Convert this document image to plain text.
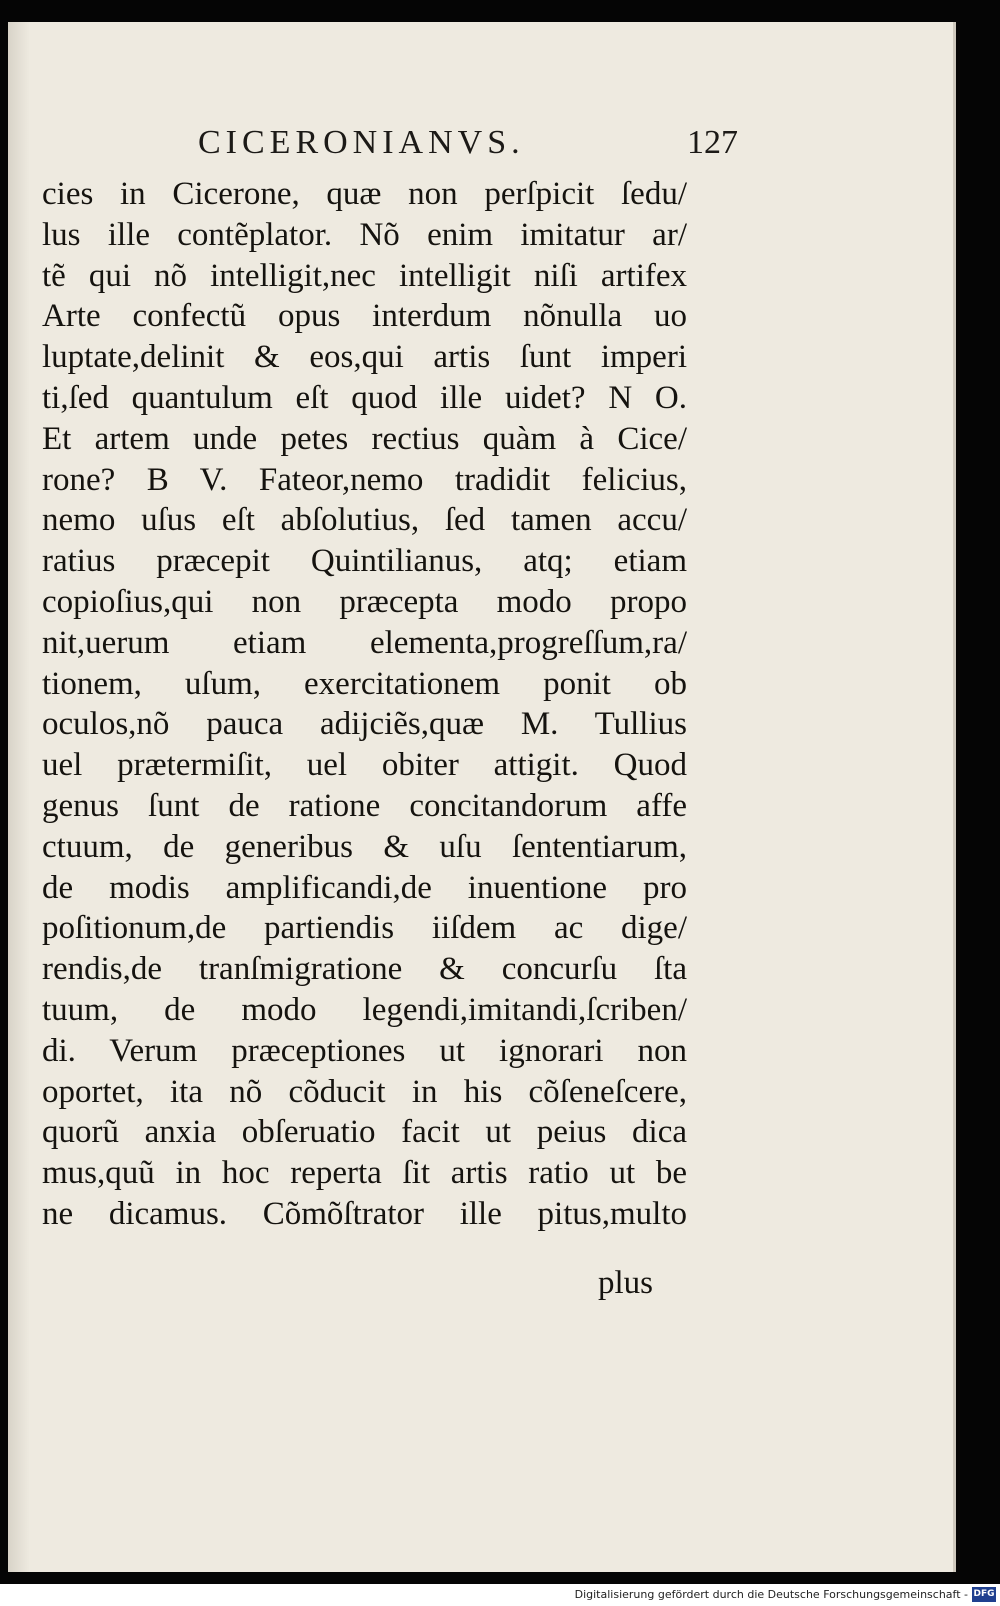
CICERONIANVS.	127
cies in Cicerone, quæ non perſpicit ſedu/
lus ille contẽplator. Nõ enim imitatur ar/
tẽ qui nõ intelligit,nec intelligit niſi artifex
Arte confectũ opus interdum nõnulla uo
luptate,delinit & eos,qui artis ſunt imperi
ti,ſed quantulum eſt quod ille uidet? N O.
Et artem unde petes rectius quàm à Cice/
rone? B V. Fateor,nemo tradidit felicius,
nemo uſus eſt abſolutius, ſed tamen accu/
ratius præcepit Quintilianus, atq; etiam
copioſius,qui non præcepta modo propo
nit,uerum etiam elementa,progreſſum,ra/
tionem, uſum, exercitationem ponit ob
oculos,nõ pauca adijciẽs,quæ M. Tullius
uel prætermiſit, uel obiter attigit. Quod
genus ſunt de ratione concitandorum affe
ctuum, de generibus & uſu ſententiarum,
de modis amplificandi,de inuentione pro
poſitionum,de partiendis iiſdem ac dige/
rendis,de tranſmigratione & concurſu ſta
tuum, de modo legendi,imitandi,ſcriben/
di. Verum præceptiones ut ignorari non
oportet, ita nõ cõducit in his cõſeneſcere,
quorũ anxia obſeruatio facit ut peius dica
mus,quũ in hoc reperta ſit artis ratio ut be
ne dicamus. Cõmõſtrator ille pitus,multo
plus
Digitalisierung gefördert durch die Deutsche Forschungsgemeinschaft - DFG
